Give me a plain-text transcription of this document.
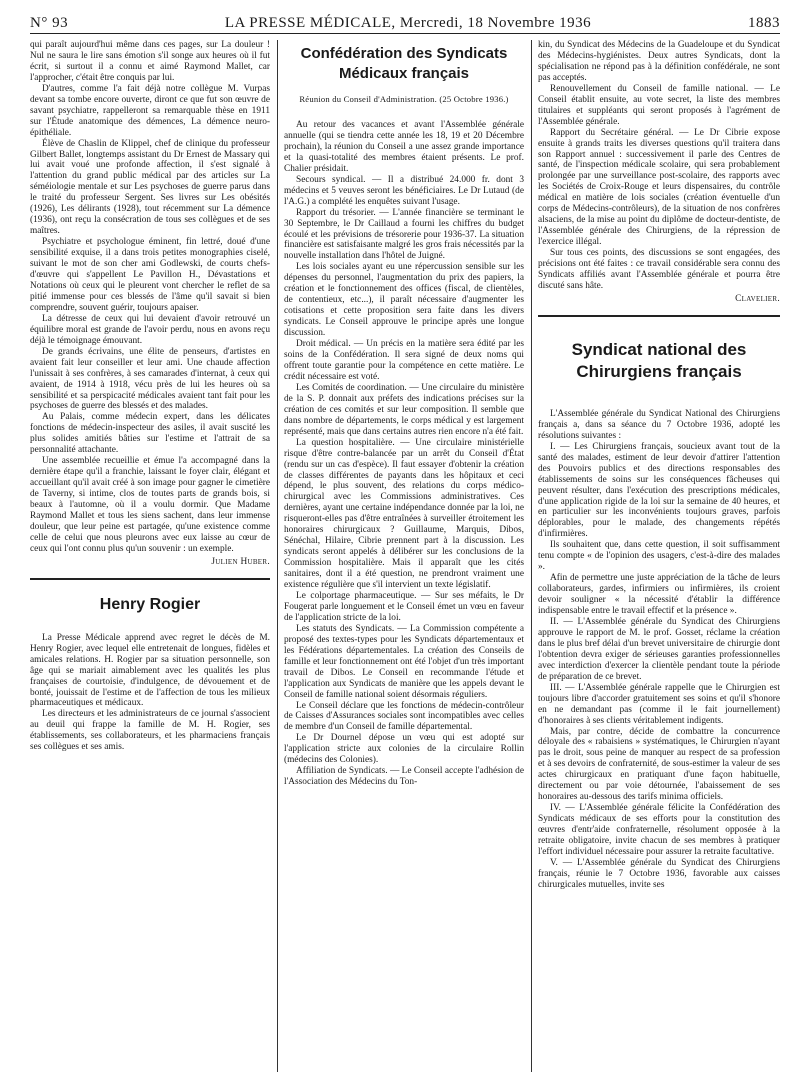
N° 93	LA PRESSE MÉDICALE, Mercredi, 18 Novembre 1936	1883

qui paraît aujourd'hui même dans ces pages, sur La douleur ! Nul ne saura le lire sans émotion s'il songe aux heures où il fut écrit, si surtout il a connu et aimé Raymond Mallet, car l'approcher, c'était être conquis par lui.

D'autres, comme l'a fait déjà notre collègue M. Vurpas devant sa tombe encore ouverte, diront ce que fut son œuvre de savant psychiatre, rappelleront sa remarquable thèse en 1911 sur l'Étude anatomique des démences, La démence neuro-épithéliale.

Élève de Chaslin de Klippel, chef de clinique du professeur Gilbert Ballet, longtemps assistant du Dr Ernest de Massary qui lui avait voué une profonde affection, il s'est signalé à l'attention du grand public médical par des articles sur La séméiologie mentale et sur Les psychoses de guerre parus dans le traité du professeur Sergent. Ses livres sur Les obésités (1926), Les délirants (1928), tout récemment sur La démence (1936), ont reçu la consécration de tous ses collègues et de ses maîtres.

Psychiatre et psychologue éminent, fin lettré, doué d'une sensibilité exquise, il a dans trois petites monographies ciselé, suivant le mot de son cher ami Godlewski, de courts chefs-d'œuvre qui s'appellent Le Pavillon H., Dévastations et Notations où ceux qui le pleurent vont chercher le reflet de sa pitié immense pour ces blessés de l'âme qu'il savait si bien comprendre, souvent guérir, toujours apaiser.

La détresse de ceux qui lui devaient d'avoir retrouvé un équilibre moral est grande de l'avoir perdu, nous en avons reçu déjà le témoignage émouvant.

De grands écrivains, une élite de penseurs, d'artistes en avaient fait leur conseiller et leur ami. Une chaude affection l'unissait à ses confrères, à ses camarades d'internat, à ceux qui avaient, de 1914 à 1918, vécu près de lui les heures où sa sensibilité et sa perspicacité médicales avaient tant fait pour les psychoses de guerre des blessés et des malades.

Au Palais, comme médecin expert, dans les délicates fonctions de médecin-inspecteur des asiles, il avait suscité les plus solides amitiés bâties sur l'estime et l'attrait de sa personnalité attachante.

Une assemblée recueillie et émue l'a accompagné dans la dernière étape qu'il a franchie, laissant le foyer clair, élégant et accueillant qu'il avait créé à son image pour gagner le cimetière de Taverny, si intime, clos de toutes parts de grands bois, si beaux à l'automne, où il a voulu dormir. Que Madame Raymond Mallet et tous les siens sachent, dans leur immense douleur, que leur peine est partagée, qu'une existence comme celle de celui que nous pleurons avec eux laisse au cœur de ceux qui l'ont connu plus qu'un souvenir : un exemple.

Julien Huber.
Henry Rogier

La Presse Médicale apprend avec regret le décès de M. Henry Rogier, avec lequel elle entretenait de longues, fidèles et amicales relations. H. Rogier par sa situation personnelle, son âge qui se mariait aimablement avec les qualités les plus françaises de courtoisie, d'indulgence, de dévouement et de bonté, jouissait de l'estime et de l'affection de tous les milieux pharmaceutiques et médicaux.

Les directeurs et les administrateurs de ce journal s'associent au deuil qui frappe la famille de M. H. Rogier, ses établissements, ses collaborateurs, et les pharmaciens français ses collègues et ses amis.

Confédération des Syndicats Médicaux français
Réunion du Conseil d'Administration. (25 Octobre 1936.)

Au retour des vacances et avant l'Assemblée générale annuelle (qui se tiendra cette année les 18, 19 et 20 Décembre prochain), la réunion du Conseil a une assez grande importance et la quasi-totalité des membres étaient présents. Le prof. Chalier présidait.

Secours syndical. — Il a distribué 24.000 fr. dont 3 médecins et 5 veuves seront les bénéficiaires. Le Dr Lutaud (de l'A.G.) a complété les enquêtes suivant l'usage.

Rapport du trésorier. — L'année financière se terminant le 30 Septembre, le Dr Caillaud a fourni les chiffres du budget écoulé et les prévisions de trésorerie pour 1936-37. La situation financière est satisfaisante malgré les gros frais nécessités par la nouvelle installation dans l'hôtel de Juigné.

Les lois sociales ayant eu une répercussion sensible sur les dépenses du personnel, l'augmentation du prix des papiers, la création et le fonctionnement des offices (fiscal, de clientèles, de contentieux, etc...), il paraît nécessaire d'augmenter les cotisations et cette proposition sera faite dans les divers syndicats. Le Conseil approuve le principe après une longue discussion.

Droit médical. — Un précis en la matière sera édité par les soins de la Confédération. Il sera signé de deux noms qui offrent toute garantie pour la compétence en cette matière. Le crédit nécessaire est voté.

Les Comités de coordination. — Une circulaire du ministère de la S. P. donnait aux préfets des indications précises sur la création de ces comités et sur leur composition. Il semble que dans nombre de départements, le corps médical y est largement représenté, mais que dans certains autres rien encore n'a été fait.

La question hospitalière. — Une circulaire ministérielle risque d'être contre-balancée par un arrêt du Conseil d'État (rendu sur un cas d'espèce). Il faut essayer d'obtenir la création de classes différentes de payants dans les hôpitaux et ceci dépend, le plus souvent, des relations du corps médico-chirurgical avec les Commissions administratives. Ces dernières, ayant une certaine indépendance donnée par la loi, ne risqueront-elles pas d'être entraînées à surveiller étroitement les honoraires chirurgicaux ? Guillaume, Marquis, Dibos, Sénéchal, Hilaire, Cibrie prennent part à la discussion. Les syndicats seront appelés à délibérer sur les conclusions de la Commission hospitalière. Mais il apparaît que les cités sanitaires, dont il a été question, ne prendront vraiment une existence régulière que s'il intervient un texte législatif.

Le colportage pharmaceutique. — Sur ses méfaits, le Dr Fougerat parle longuement et le Conseil émet un vœu en faveur de l'application stricte de la loi.

Les statuts des Syndicats. — La Commission compétente a proposé des textes-types pour les Syndicats départementaux et les Fédérations départementales. La création des Conseils de famille et leur fonctionnement ont été l'objet d'un très important travail de Dibos. Le Conseil en recommande l'étude et l'application aux Syndicats de manière que les appels devant le Conseil de famille national soient désormais réguliers.

Le Conseil déclare que les fonctions de médecin-contrôleur de Caisses d'Assurances sociales sont incompatibles avec celles de membre d'un Conseil de famille départemental.

Le Dr Dournel dépose un vœu qui est adopté sur l'application stricte aux colonies de la circulaire Rollin (médecins des Colonies).

Affiliation de Syndicats. — Le Conseil accepte l'adhésion de l'Association des Médecins du Ton-

kin, du Syndicat des Médecins de la Guadeloupe et du Syndicat des Médecins-hygiénistes. Deux autres Syndicats, dont la spécialisation ne répond pas à la définition confédérale, ne sont pas acceptés.

Renouvellement du Conseil de famille national. — Le Conseil établit ensuite, au vote secret, la liste des membres titulaires et suppléants qui seront proposés à l'agrément de l'Assemblée générale.

Rapport du Secrétaire général. — Le Dr Cibrie expose ensuite à grands traits les diverses questions qu'il traitera dans son Rapport annuel : successivement il parle des Centres de santé, de l'inspection médicale scolaire, qui sera probablement prolongée par une surveillance post-scolaire, des rapports avec les Sociétés de Croix-Rouge et leurs dispensaires, du contrôle médical en matière de lois sociales (création éventuelle d'un corps de Médecins-contrôleurs), de la situation de nos confrères alsaciens, de la mise au point du diplôme de docteur-dentiste, de l'Assemblée générale des Chirurgiens, de la répression de l'exercice illégal.

Sur tous ces points, des discussions se sont engagées, des précisions ont été faites : ce travail considérable sera connu des Syndicats affiliés avant l'Assemblée générale et pourra être discuté sans hâte.

Clavelier.
Syndicat national des Chirurgiens français

L'Assemblée générale du Syndicat National des Chirurgiens français a, dans sa séance du 7 Octobre 1936, adopté les résolutions suivantes :

I. — Les Chirurgiens français, soucieux avant tout de la santé des malades, estiment de leur devoir d'attirer l'attention des Pouvoirs publics et des directions responsables des établissements de soins sur les conséquences fâcheuses qui peuvent résulter, dans l'exécution des prescriptions médicales, d'une application rigide de la loi sur la semaine de 40 heures, et en particulier sur les inconvénients toujours graves, parfois déplorables, pour le malade, des changements répétés d'infirmières.

Ils souhaitent que, dans cette question, il soit suffisamment tenu compte « de l'opinion des usagers, c'est-à-dire des malades ».

Afin de permettre une juste appréciation de la tâche de leurs collaborateurs, gardes, infirmiers ou infirmières, ils croient devoir souligner « la nécessité d'établir la différence indispensable entre le travail effectif et la présence ».

II. — L'Assemblée générale du Syndicat des Chirurgiens approuve le rapport de M. le prof. Gosset, réclame la création dans le plus bref délai d'un brevet universitaire de chirurgie dont l'obtention devra exiger de sérieuses garanties professionnelles avec interdiction d'exercer la clientèle pendant toute la période de préparation de ce brevet.

III. — L'Assemblée générale rappelle que le Chirurgien est toujours libre d'accorder gratuitement ses soins et qu'il s'honore en ne demandant pas (comme il le fait journellement) d'honoraires à ses clients véritablement indigents.

Mais, par contre, décide de combattre la concurrence déloyale des « rabaisiens » systématiques, le Chirurgien n'ayant pas le droit, sous peine de manquer au respect de sa profession et à ses devoirs de confraternité, de sous-estimer la valeur de ses actes chirurgicaux en pratiquant d'une façon habituelle, directement ou par voie détournée, l'abaissement de ses honoraires au-dessous des tarifs minima officiels.

IV. — L'Assemblée générale félicite la Confédération des Syndicats médicaux de ses efforts pour la constitution des œuvres d'entr'aide confraternelle, résolument opposée à la retraite obligatoire, invite chacun de ses membres à pratiquer l'effort individuel nécessaire pour assurer la retraite facultative.

V. — L'Assemblée générale du Syndicat des Chirurgiens français, réunie le 7 Octobre 1936, favorable aux caisses chirurgicales mutuelles, invite ses
